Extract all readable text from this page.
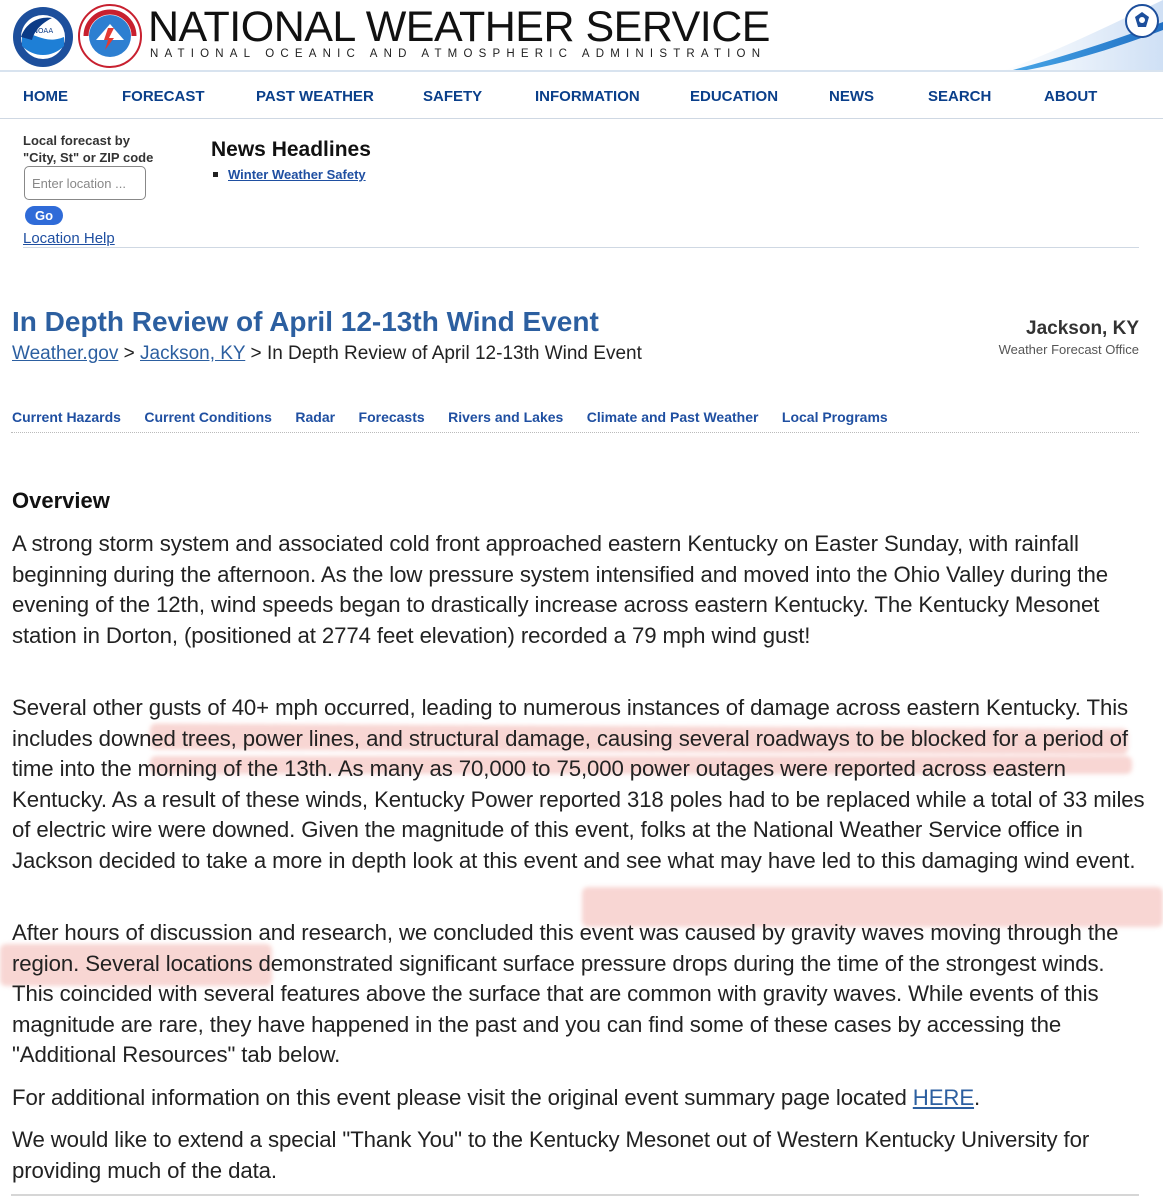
NOAA NATIONAL WEATHER SERVICE
NATIONAL OCEANIC AND ATMOSPHERIC ADMINISTRATION
HOME	FORECAST	PAST WEATHER	SAFETY	INFORMATION	EDUCATION	NEWS	SEARCH	ABOUT
Local forecast by
"City, St" or ZIP code
Enter location ...
Go
Location Help
News Headlines
Winter Weather Safety
In Depth Review of April 12-13th Wind Event
Weather.gov > Jackson, KY > In Depth Review of April 12-13th Wind Event
Jackson, KY
Weather Forecast Office
Current Hazards Current Conditions Radar Forecasts Rivers and Lakes Climate and Past Weather Local Programs
Overview

A strong storm system and associated cold front approached eastern Kentucky on Easter Sunday, with rainfall beginning during the afternoon. As the low pressure system intensified and moved into the Ohio Valley during the evening of the 12th, wind speeds began to drastically increase across eastern Kentucky. The Kentucky Mesonet station in Dorton, (positioned at 2774 feet elevation) recorded a 79 mph wind gust!

Several other gusts of 40+ mph occurred, leading to numerous instances of damage across eastern Kentucky. This includes downed trees, power lines, and structural damage, causing several roadways to be blocked for a period of time into the morning of the 13th. As many as 70,000 to 75,000 power outages were reported across eastern Kentucky. As a result of these winds, Kentucky Power reported 318 poles had to be replaced while a total of 33 miles of electric wire were downed. Given the magnitude of this event, folks at the National Weather Service office in Jackson decided to take a more in depth look at this event and see what may have led to this damaging wind event.

After hours of discussion and research, we concluded this event was caused by gravity waves moving through the region. Several locations demonstrated significant surface pressure drops during the time of the strongest winds. This coincided with several features above the surface that are common with gravity waves. While events of this magnitude are rare, they have happened in the past and you can find some of these cases by accessing the "Additional Resources" tab below.

For additional information on this event please visit the original event summary page located HERE.

We would like to extend a special "Thank You" to the Kentucky Mesonet out of Western Kentucky University for providing much of the data.
